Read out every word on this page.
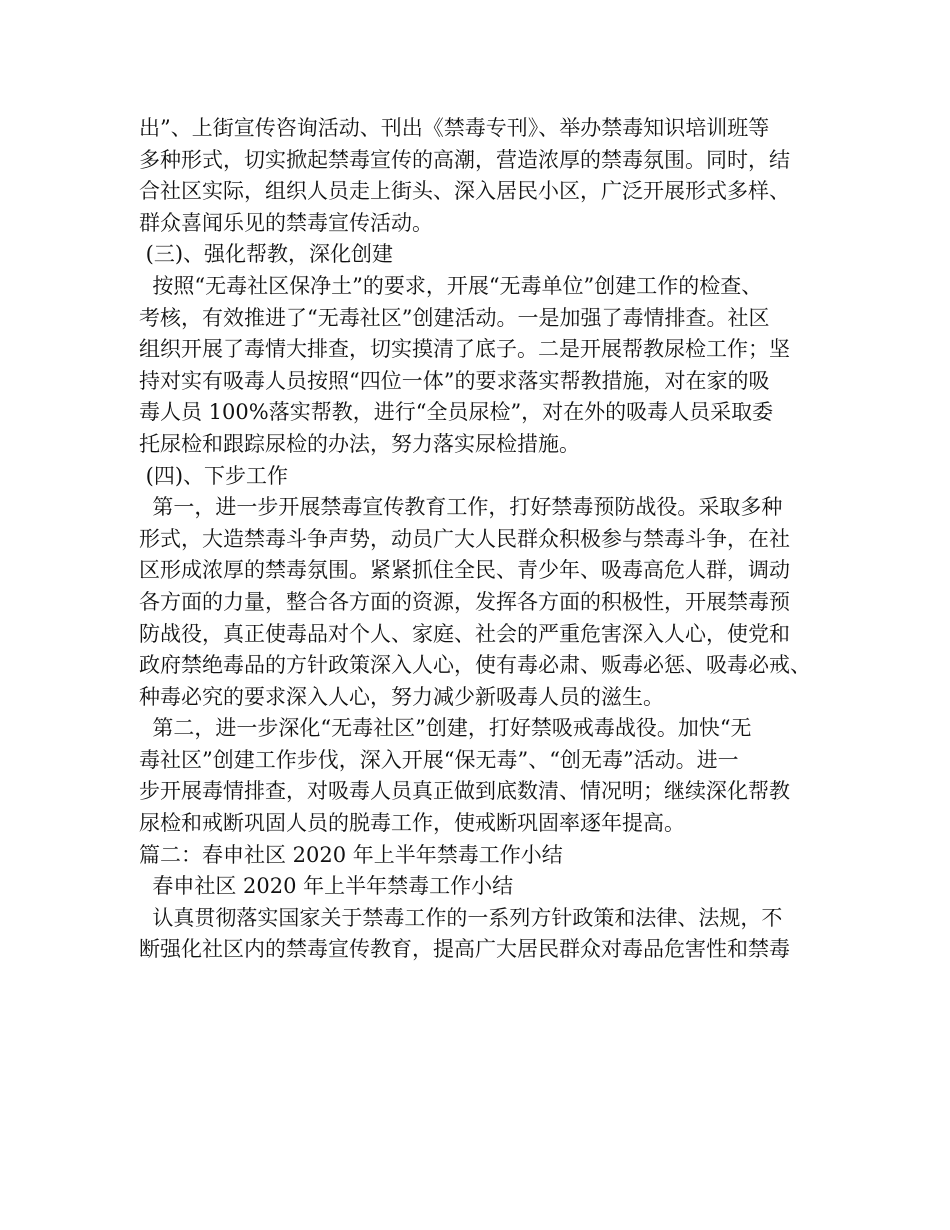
出”、上街宣传咨询活动、刊出《禁毒专刊》、举办禁毒知识培训班等
多种形式，切实掀起禁毒宣传的高潮，营造浓厚的禁毒氛围。同时，结
合社区实际，组织人员走上街头、深入居民小区，广泛开展形式多样、
群众喜闻乐见的禁毒宣传活动。
(三)、强化帮教，深化创建
按照“无毒社区保净土”的要求，开展“无毒单位”创建工作的检查、
考核，有效推进了“无毒社区”创建活动。一是加强了毒情排查。社区
组织开展了毒情大排查，切实摸清了底子。二是开展帮教尿检工作；坚
持对实有吸毒人员按照“四位一体”的要求落实帮教措施，对在家的吸
毒人员 100%落实帮教，进行“全员尿检”，对在外的吸毒人员采取委
托尿检和跟踪尿检的办法，努力落实尿检措施。
(四)、下步工作
第一，进一步开展禁毒宣传教育工作，打好禁毒预防战役。采取多种
形式，大造禁毒斗争声势，动员广大人民群众积极参与禁毒斗争，在社
区形成浓厚的禁毒氛围。紧紧抓住全民、青少年、吸毒高危人群，调动
各方面的力量，整合各方面的资源，发挥各方面的积极性，开展禁毒预
防战役，真正使毒品对个人、家庭、社会的严重危害深入人心，使党和
政府禁绝毒品的方针政策深入人心，使有毒必肃、贩毒必惩、吸毒必戒、
种毒必究的要求深入人心，努力减少新吸毒人员的滋生。
第二，进一步深化“无毒社区”创建，打好禁吸戒毒战役。加快“无
毒社区”创建工作步伐，深入开展“保无毒”、“创无毒”活动。进一
步开展毒情排查，对吸毒人员真正做到底数清、情况明；继续深化帮教
尿检和戒断巩固人员的脱毒工作，使戒断巩固率逐年提高。
篇二：春申社区 2020 年上半年禁毒工作小结
春申社区 2020 年上半年禁毒工作小结
认真贯彻落实国家关于禁毒工作的一系列方针政策和法律、法规，不
断强化社区内的禁毒宣传教育，提高广大居民群众对毒品危害性和禁毒
